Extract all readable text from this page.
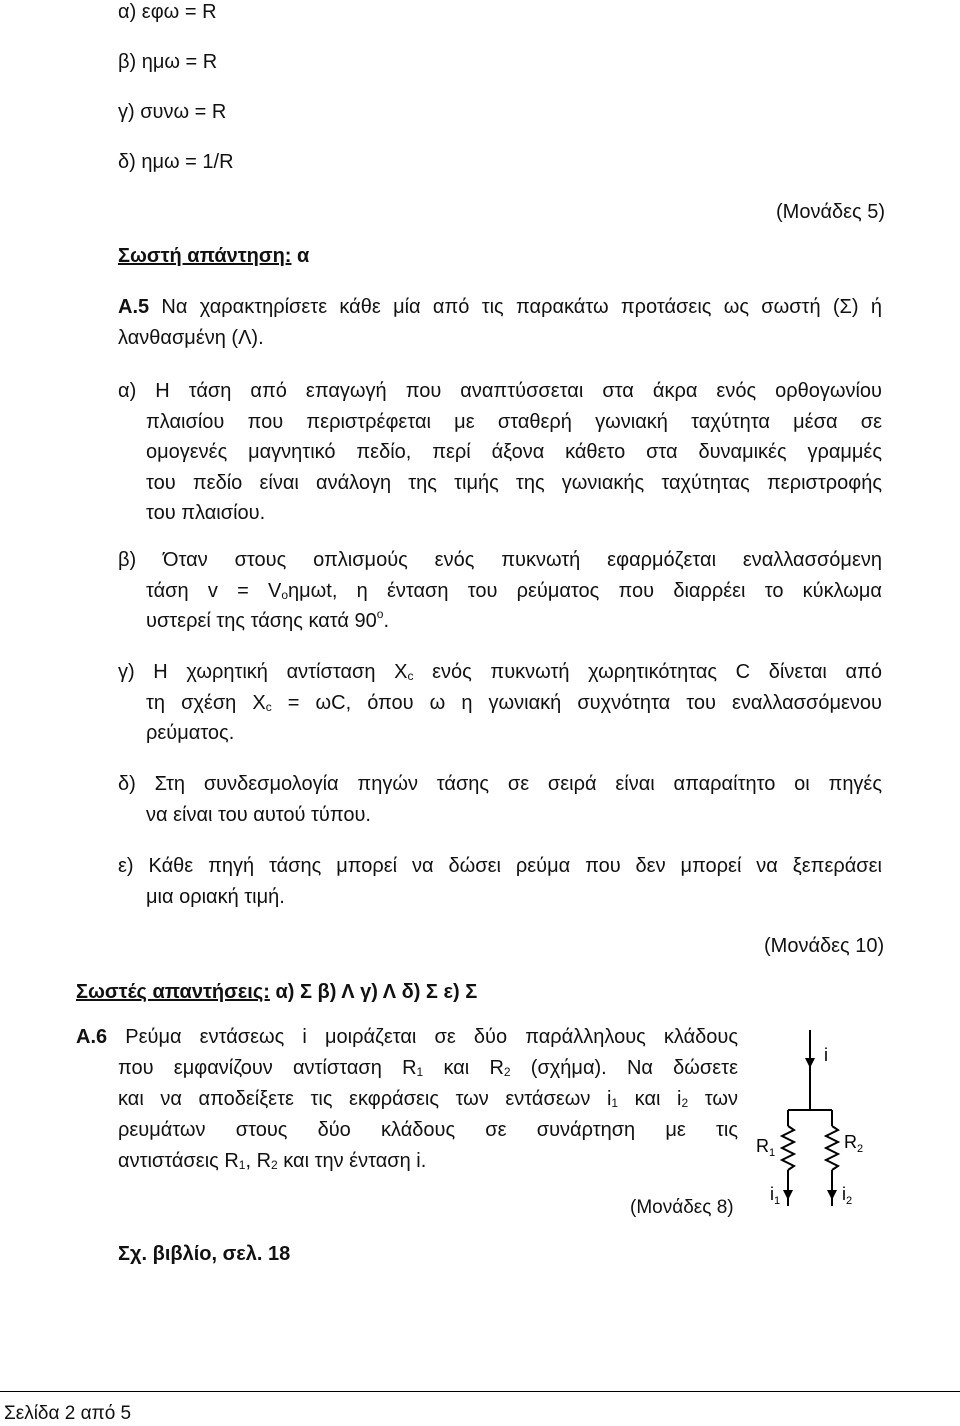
α) εφω = R
β) ημω = R
γ) συνω = R
δ) ημω = 1/R
(Μονάδες 5)
Σωστή απάντηση: α
Α.5 Να χαρακτηρίσετε κάθε μία από τις παρακάτω προτάσεις ως σωστή (Σ) ή
λανθασμένη (Λ).
α) Η τάση από επαγωγή που αναπτύσσεται στα άκρα ενός ορθογωνίου
πλαισίου που περιστρέφεται με σταθερή γωνιακή ταχύτητα μέσα σε
ομογενές μαγνητικό πεδίο, περί άξονα κάθετο στα δυναμικές γραμμές
του πεδίο είναι ανάλογη της τιμής της γωνιακής ταχύτητας περιστροφής
του πλαισίου.
β) Όταν στους οπλισμούς ενός πυκνωτή εφαρμόζεται εναλλασσόμενη
τάση $v = V_o\eta\mu\omega t$, η ένταση του ρεύματος που διαρρέει το κύκλωμα
υστερεί της τάσης κατά $90^o$.
γ) Η χωρητική αντίσταση $X_c$ ενός πυκνωτή χωρητικότητας C δίνεται από
τη σχέση $X_c = \omega C$, όπου ω η γωνιακή συχνότητα του εναλλασσόμενου
ρεύματος.
δ) Στη συνδεσμολογία πηγών τάσης σε σειρά είναι απαραίτητο οι πηγές
να είναι του αυτού τύπου.
ε) Κάθε πηγή τάσης μπορεί να δώσει ρεύμα που δεν μπορεί να ξεπεράσει
μια οριακή τιμή.
(Μονάδες 10)
Σωστές απαντήσεις: α) Σ β) Λ γ) Λ δ) Σ ε) Σ
Α.6 Ρεύμα εντάσεως i μοιράζεται σε δύο παράλληλους κλάδους
που εμφανίζουν αντίσταση $R_1$ και $R_2$ (σχήμα). Να δώσετε
και να αποδείξετε τις εκφράσεις των εντάσεων $i_1$ και $i_2$ των
ρευμάτων στους δύο κλάδους σε συνάρτηση με τις
αντιστάσεις $R_1$, $R_2$ και την ένταση i.
(Μονάδες 8)
i
$R_1$
$R_2$
$i_1$	$i_2$
Σχ. βιβλίο, σελ. 18
Σελίδα 2 από 5
